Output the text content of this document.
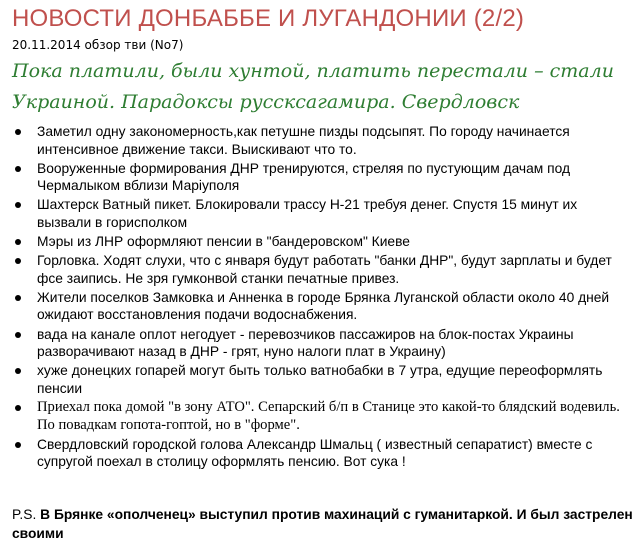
НОВОСТИ ДОНБАББЕ И ЛУГАНДОНИИ (2/2)
20.11.2014 обзор тви (No7)
Пока платили, были хунтой, платить перестали – стали Украиной. Парадоксы руссксагамира. Свердловск
Заметил одну закономерность,как петушне пизды подсыпят. По городу начинается интенсивное движение такси. Выискивают что то.
Вооруженные формирования ДНР тренируются, стреляя по пустующим дачам под Чермалыком вблизи Маріуполя
Шахтерск Ватный пикет. Блокировали трассу Н-21 требуя денег. Спустя 15 минут их вызвали в горисполком
Мэры из ЛНР оформляют пенсии в "бандеровском" Киеве
Горловка. Ходят слухи, что с января будут работать "банки ДНР", будут зарплаты и будет фсе заипись. Не зря гумконвой станки печатные привез.
Жители поселков Замковка и Анненка в городе Брянка Луганской области около 40 дней ожидают восстановления подачи водоснабжения.
вада на канале оплот негодует - перевозчиков пассажиров на блок-постах Украины разворачивают назад в ДНР - грят, нуно налоги плат в Украину)
хуже донецких гопарей могут быть только ватнобабки в 7 утра, едущие переоформлять пенсии
Приехал пока домой "в зону АТО". Сепарский б/п в Станице это какой-то блядский водевиль. По повадкам гопота-гоптой, но в "форме".
Свердловский городской голова Александр Шмальц ( известный сепаратист) вместе с супругой поехал в столицу оформлять пенсию. Вот сука !
P.S. В Брянке «ополченец» выступил против махинаций с гуманитаркой. И был застрелен своими
